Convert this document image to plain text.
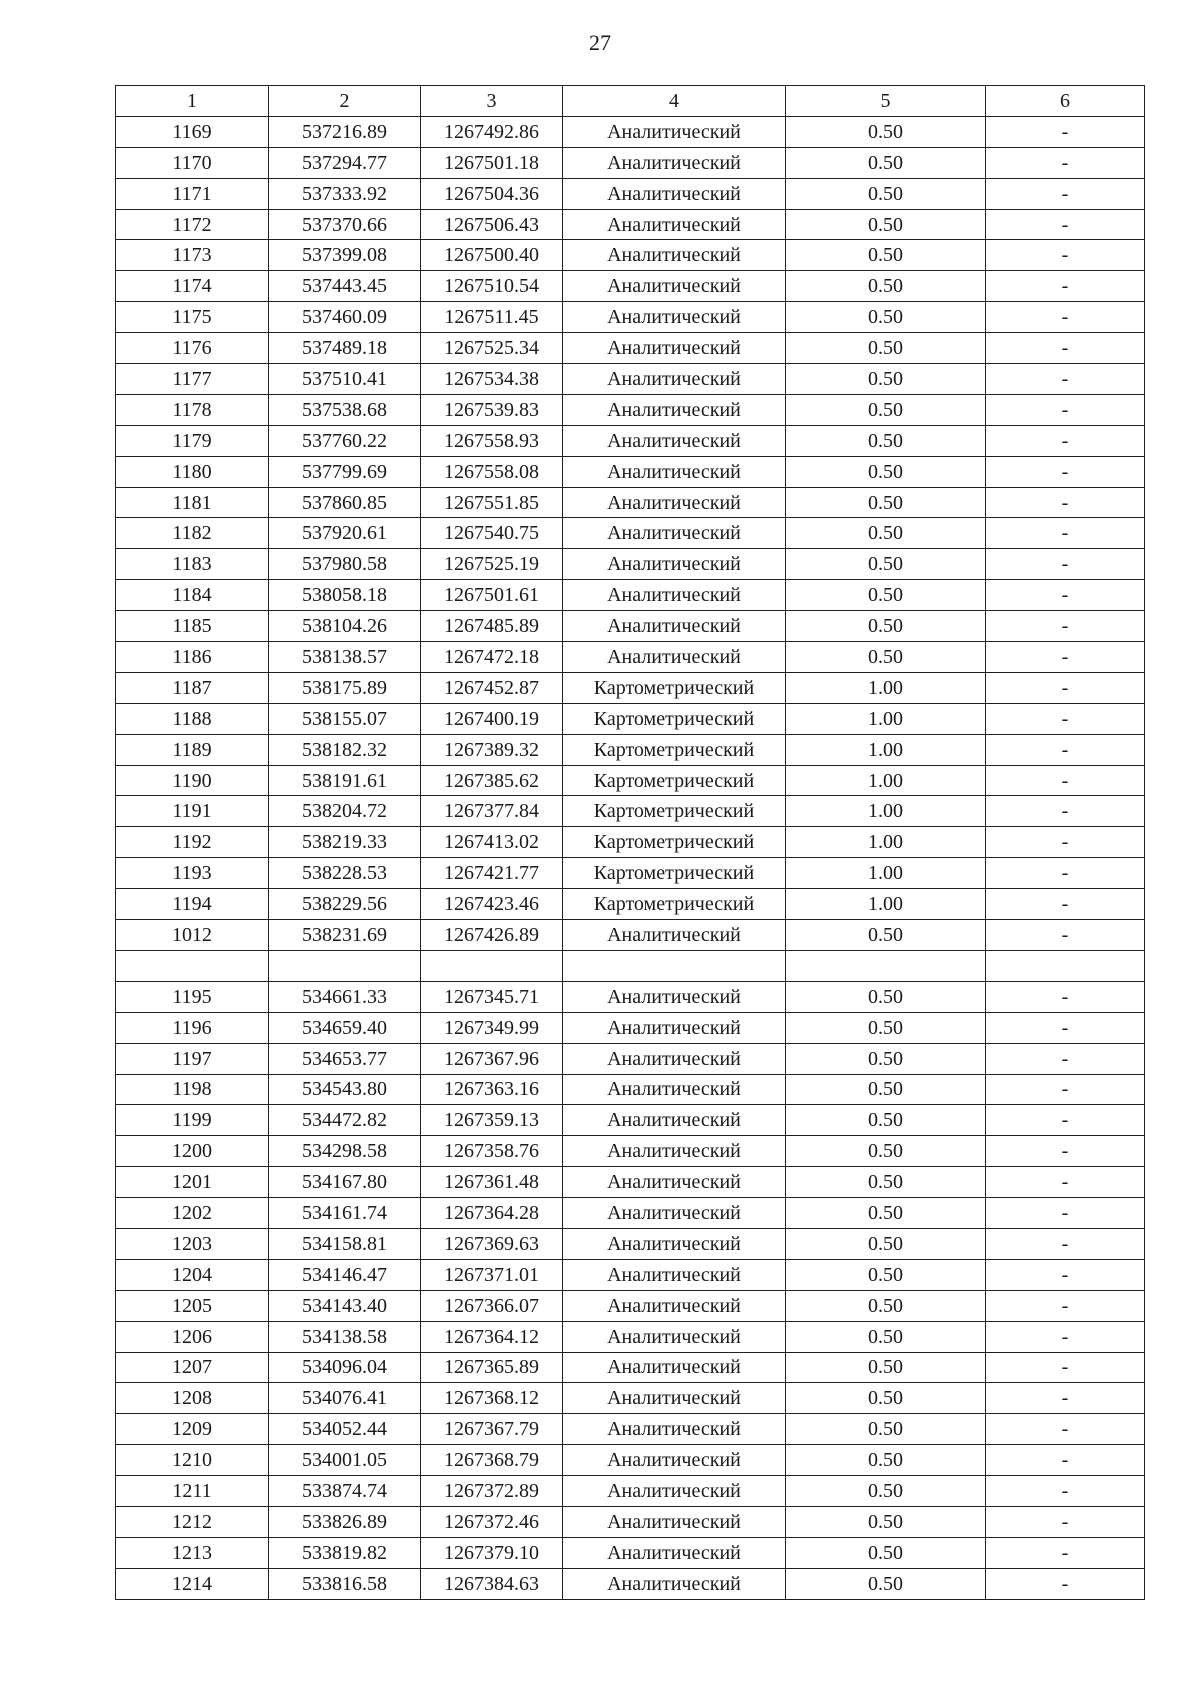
27
1	2	3	4	5	6
1169	537216.89	1267492.86	Аналитический	0.50	-
1170	537294.77	1267501.18	Аналитический	0.50	-
1171	537333.92	1267504.36	Аналитический	0.50	-
1172	537370.66	1267506.43	Аналитический	0.50	-
1173	537399.08	1267500.40	Аналитический	0.50	-
1174	537443.45	1267510.54	Аналитический	0.50	-
1175	537460.09	1267511.45	Аналитический	0.50	-
1176	537489.18	1267525.34	Аналитический	0.50	-
1177	537510.41	1267534.38	Аналитический	0.50	-
1178	537538.68	1267539.83	Аналитический	0.50	-
1179	537760.22	1267558.93	Аналитический	0.50	-
1180	537799.69	1267558.08	Аналитический	0.50	-
1181	537860.85	1267551.85	Аналитический	0.50	-
1182	537920.61	1267540.75	Аналитический	0.50	-
1183	537980.58	1267525.19	Аналитический	0.50	-
1184	538058.18	1267501.61	Аналитический	0.50	-
1185	538104.26	1267485.89	Аналитический	0.50	-
1186	538138.57	1267472.18	Аналитический	0.50	-
1187	538175.89	1267452.87	Картометрический	1.00	-
1188	538155.07	1267400.19	Картометрический	1.00	-
1189	538182.32	1267389.32	Картометрический	1.00	-
1190	538191.61	1267385.62	Картометрический	1.00	-
1191	538204.72	1267377.84	Картометрический	1.00	-
1192	538219.33	1267413.02	Картометрический	1.00	-
1193	538228.53	1267421.77	Картометрический	1.00	-
1194	538229.56	1267423.46	Картометрический	1.00	-
1012	538231.69	1267426.89	Аналитический	0.50	-

1195	534661.33	1267345.71	Аналитический	0.50	-
1196	534659.40	1267349.99	Аналитический	0.50	-
1197	534653.77	1267367.96	Аналитический	0.50	-
1198	534543.80	1267363.16	Аналитический	0.50	-
1199	534472.82	1267359.13	Аналитический	0.50	-
1200	534298.58	1267358.76	Аналитический	0.50	-
1201	534167.80	1267361.48	Аналитический	0.50	-
1202	534161.74	1267364.28	Аналитический	0.50	-
1203	534158.81	1267369.63	Аналитический	0.50	-
1204	534146.47	1267371.01	Аналитический	0.50	-
1205	534143.40	1267366.07	Аналитический	0.50	-
1206	534138.58	1267364.12	Аналитический	0.50	-
1207	534096.04	1267365.89	Аналитический	0.50	-
1208	534076.41	1267368.12	Аналитический	0.50	-
1209	534052.44	1267367.79	Аналитический	0.50	-
1210	534001.05	1267368.79	Аналитический	0.50	-
1211	533874.74	1267372.89	Аналитический	0.50	-
1212	533826.89	1267372.46	Аналитический	0.50	-
1213	533819.82	1267379.10	Аналитический	0.50	-
1214	533816.58	1267384.63	Аналитический	0.50	-
